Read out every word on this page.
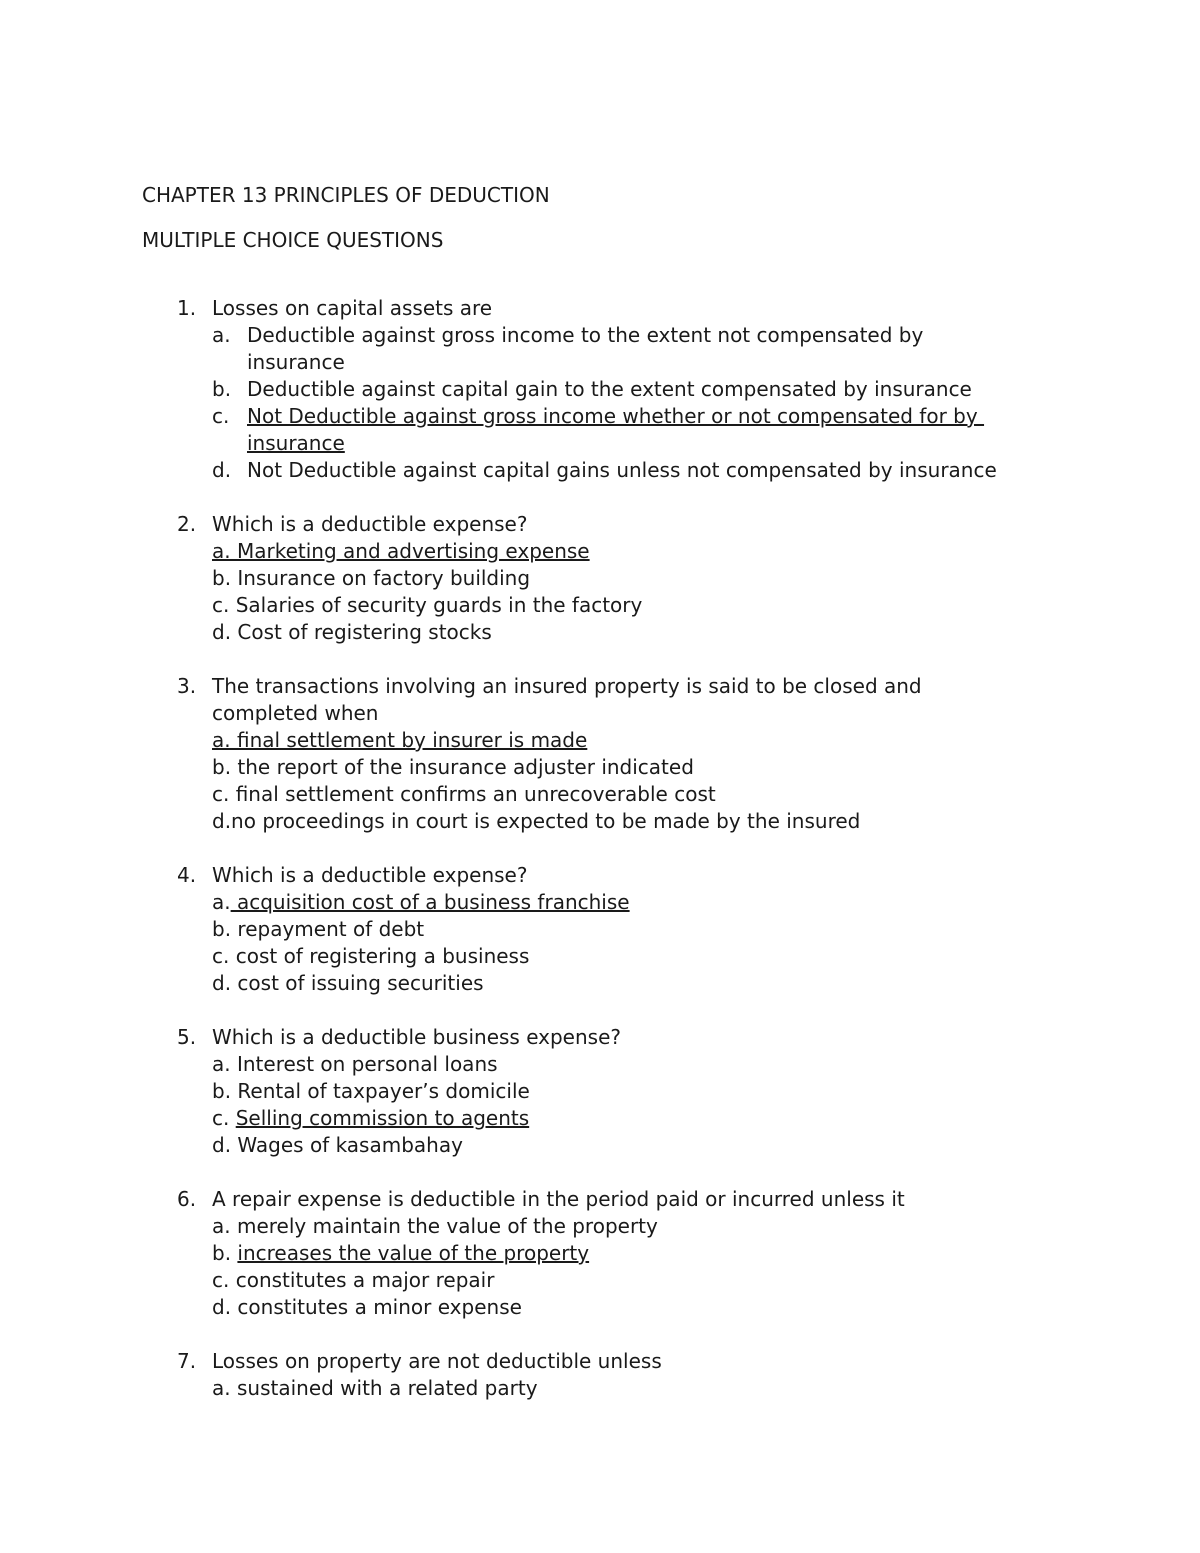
CHAPTER 13 PRINCIPLES OF DEDUCTION
MULTIPLE CHOICE QUESTIONS
1. Losses on capital assets are
a. Deductible against gross income to the extent not compensated by
insurance
b. Deductible against capital gain to the extent compensated by insurance
c. Not Deductible against gross income whether or not compensated for by
insurance
d. Not Deductible against capital gains unless not compensated by insurance
2. Which is a deductible expense?
a. Marketing and advertising expense
b. Insurance on factory building
c. Salaries of security guards in the factory
d. Cost of registering stocks
3. The transactions involving an insured property is said to be closed and
completed when
a. final settlement by insurer is made
b. the report of the insurance adjuster indicated
c. final settlement confirms an unrecoverable cost
d.no proceedings in court is expected to be made by the insured
4. Which is a deductible expense?
a. acquisition cost of a business franchise
b. repayment of debt
c. cost of registering a business
d. cost of issuing securities
5. Which is a deductible business expense?
a. Interest on personal loans
b. Rental of taxpayer’s domicile
c. Selling commission to agents
d. Wages of kasambahay
6. A repair expense is deductible in the period paid or incurred unless it
a. merely maintain the value of the property
b. increases the value of the property
c. constitutes a major repair
d. constitutes a minor expense
7. Losses on property are not deductible unless
a. sustained with a related party
